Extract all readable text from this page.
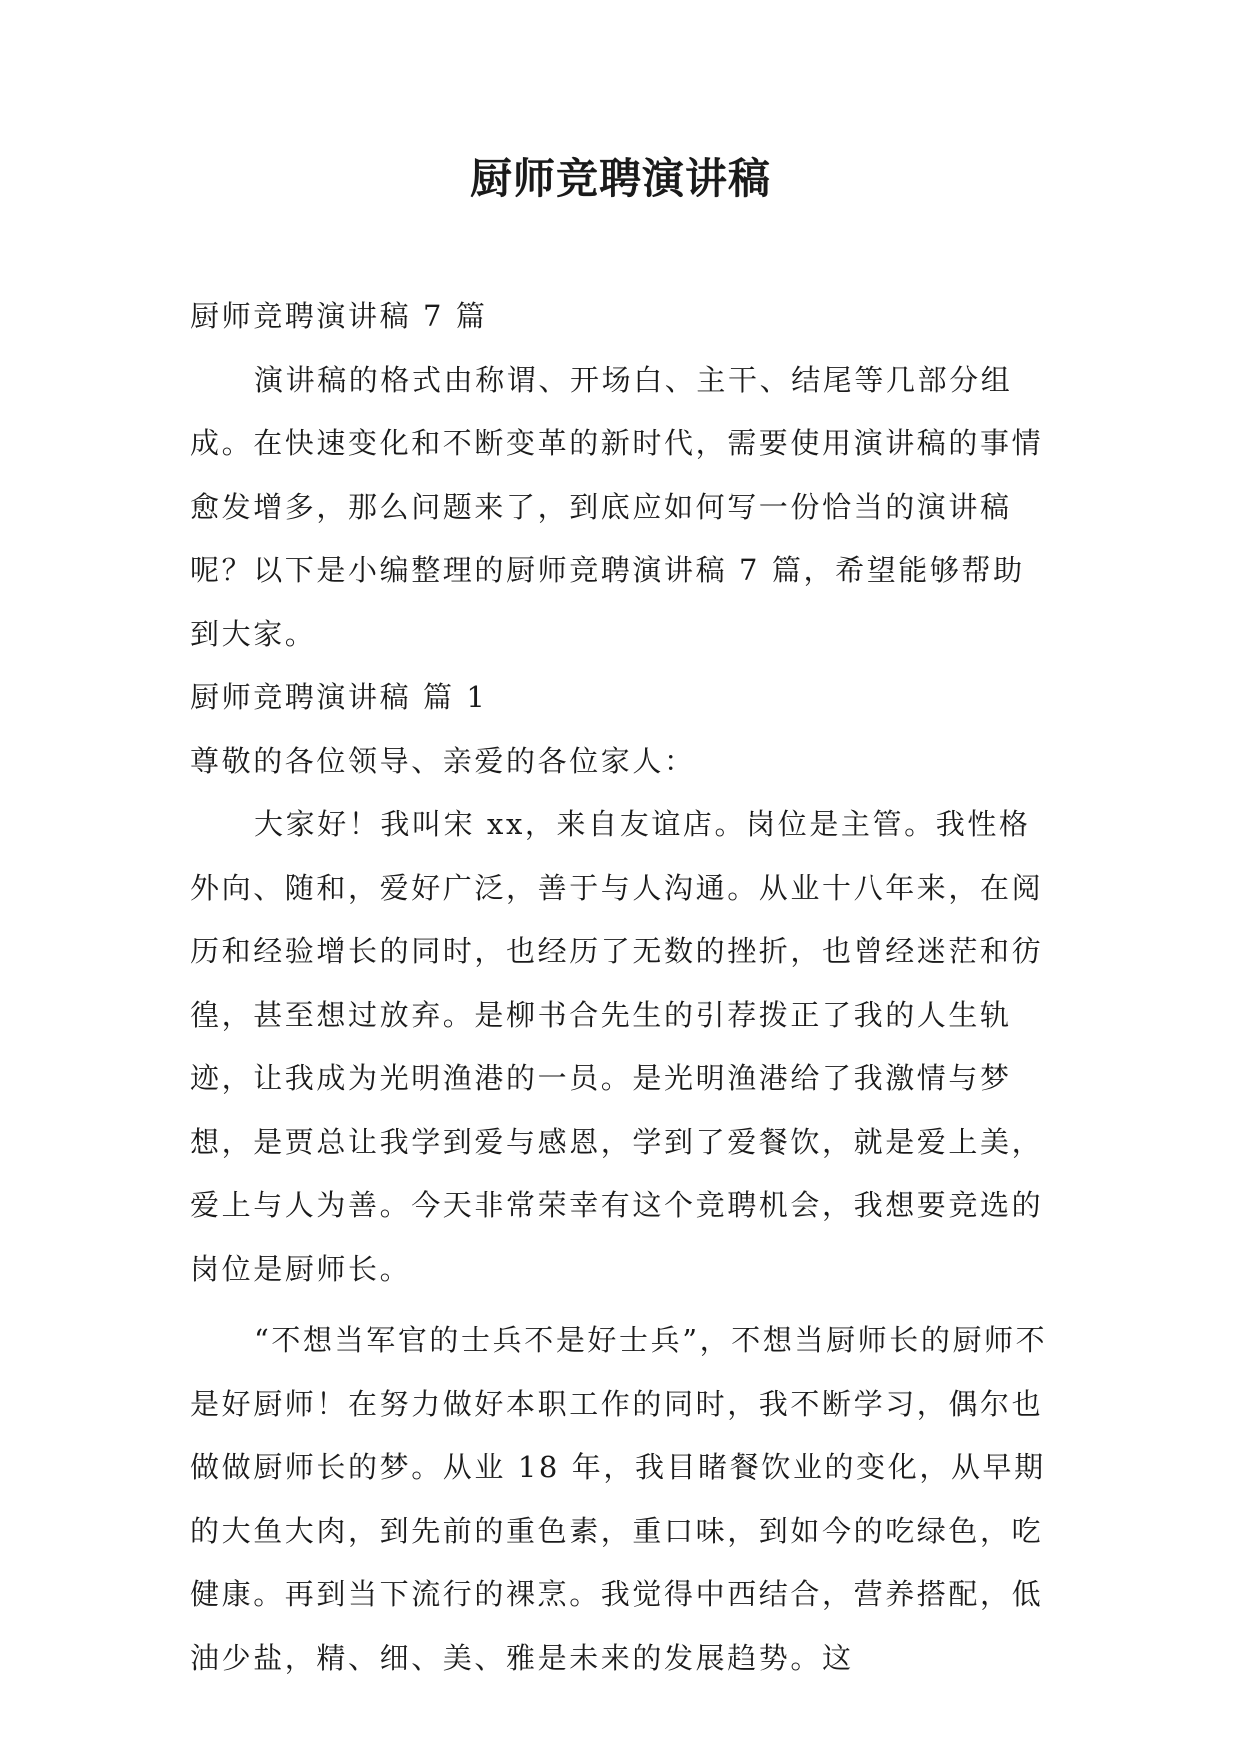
厨师竞聘演讲稿

厨师竞聘演讲稿 7 篇

演讲稿的格式由称谓、开场白、主干、结尾等几部分组成。在快速变化和不断变革的新时代，需要使用演讲稿的事情愈发增多，那么问题来了，到底应如何写一份恰当的演讲稿呢？以下是小编整理的厨师竞聘演讲稿 7 篇，希望能够帮助到大家。

厨师竞聘演讲稿 篇 1

尊敬的各位领导、亲爱的各位家人：

大家好！我叫宋 xx，来自友谊店。岗位是主管。我性格外向、随和，爱好广泛，善于与人沟通。从业十八年来，在阅历和经验增长的同时，也经历了无数的挫折，也曾经迷茫和彷徨，甚至想过放弃。是柳书合先生的引荐拨正了我的人生轨迹，让我成为光明渔港的一员。是光明渔港给了我激情与梦想，是贾总让我学到爱与感恩，学到了爱餐饮，就是爱上美，爱上与人为善。今天非常荣幸有这个竞聘机会，我想要竞选的岗位是厨师长。

“不想当军官的士兵不是好士兵”，不想当厨师长的厨师不是好厨师！在努力做好本职工作的同时，我不断学习，偶尔也做做厨师长的梦。从业 18 年，我目睹餐饮业的变化，从早期的大鱼大肉，到先前的重色素，重口味，到如今的吃绿色，吃健康。再到当下流行的裸烹。我觉得中西结合，营养搭配，低油少盐，精、细、美、雅是未来的发展趋势。这
